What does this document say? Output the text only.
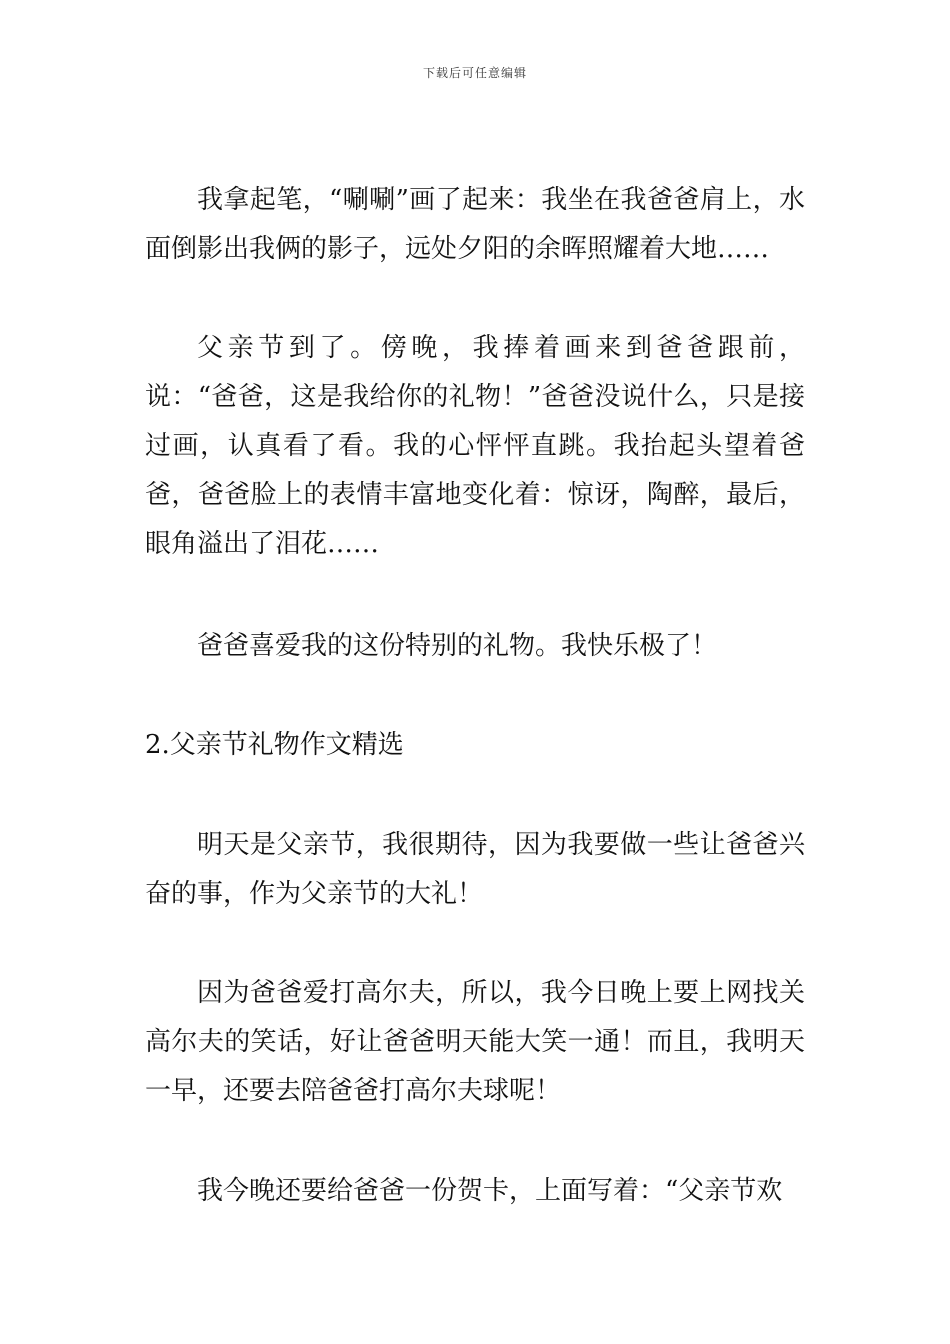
下载后可任意编辑

我拿起笔，“唰唰”画了起来：我坐在我爸爸肩上，水面倒影出我俩的影子，远处夕阳的余晖照耀着大地……

父亲节到了。傍晚，我捧着画来到爸爸跟前，说：“爸爸，这是我给你的礼物！”爸爸没说什么，只是接过画，认真看了看。我的心怦怦直跳。我抬起头望着爸爸，爸爸脸上的表情丰富地变化着：惊讶，陶醉，最后，眼角溢出了泪花……

爸爸喜爱我的这份特别的礼物。我快乐极了！

2.父亲节礼物作文精选

明天是父亲节，我很期待，因为我要做一些让爸爸兴奋的事，作为父亲节的大礼！

因为爸爸爱打高尔夫，所以，我今日晚上要上网找关高尔夫的笑话，好让爸爸明天能大笑一通！而且，我明天一早，还要去陪爸爸打高尔夫球呢！

我今晚还要给爸爸一份贺卡，上面写着：“父亲节欢
